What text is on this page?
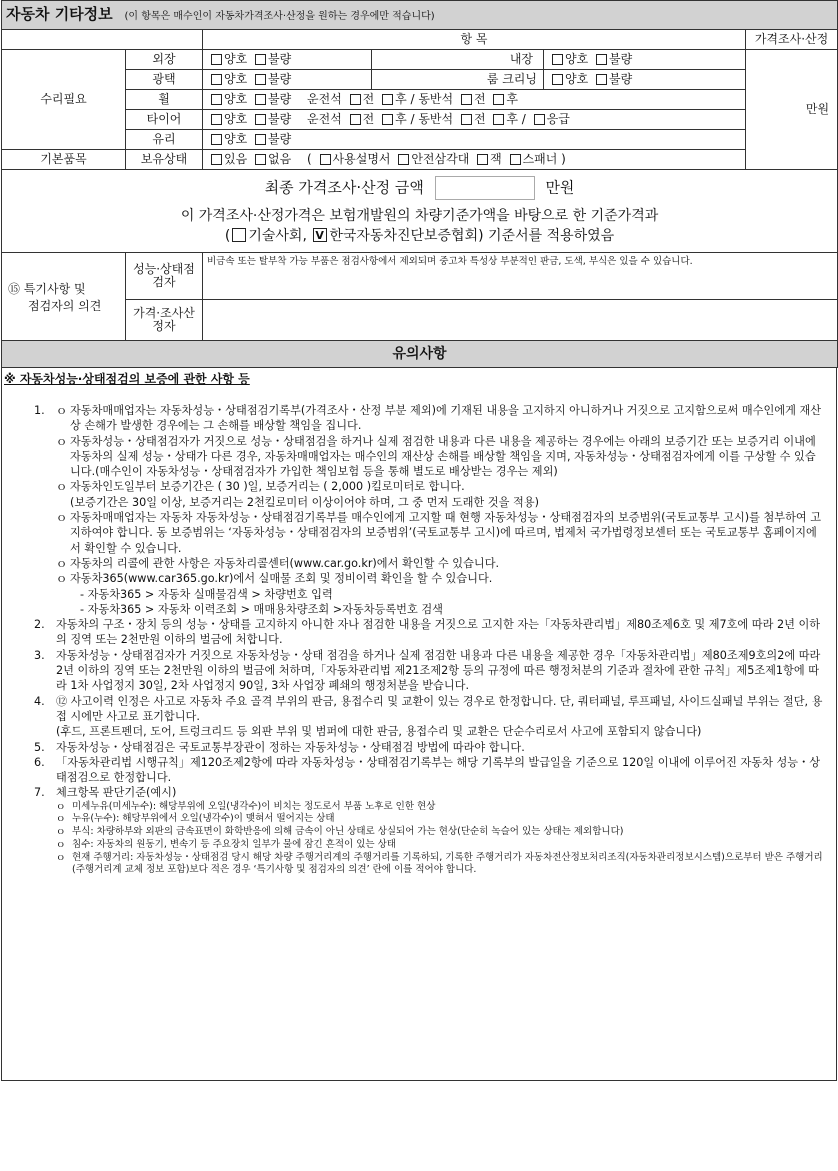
자동차 기타정보 (이 항목은 매수인이 자동차가격조사·산정을 원하는 경우에만 적습니다)					
		항 목			가격조사·산정
수리필요	외장	양호 불량	내장	양호 불량	만원

	광택	양호 불량	룸 크리닝	양호 불량	
	휠	양호 불량 운전석 전 후 / 동반석 전 후			
	타이어	양호 불량 운전석 전 후 / 동반석 전 후 / 응급			
	유리	양호 불량			
기본품목	보유상태	있음 없음 ( 사용설명서 안전삼각대 잭 스패너 )			

최종 가격조사·산정 금액 만원
이 가격조사·산정가격은 보험개발원의 차량기준가액을 바탕으로 한 기준가격과
( 기술사회, V 한국자동차진단보증협회) 기준서를 적용하였음

⑮ 특기사항 및
점검자의 의견	성능·상태점검자	비금속 또는 탈부착 가능 부품은 점검사항에서 제외되며 중고차 특성상 부분적인 판금, 도색, 부식은 있을 수 있습니다.			
	가격·조사산정자				
유의사항					
※ 자동차성능·상태점검의 보증에 관한 사항 등
1. ｏ 자동차매매업자는 자동차성능・상태점검기록부(가격조사・산정 부분 제외)에 기재된 내용을 고지하지 아니하거나 거짓으로 고지함으로써 매수인에게 재산상 손해가 발생한 경우에는 그 손해를 배상할 책임을 집니다.
ｏ 자동차성능・상태점검자가 거짓으로 성능・상태점검을 하거나 실제 점검한 내용과 다른 내용을 제공하는 경우에는 아래의 보증기간 또는 보증거리 이내에 자동차의 실제 성능・상태가 다른 경우, 자동차매매업자는 매수인의 재산상 손해를 배상할 책임을 지며, 자동차성능・상태점검자에게 이를 구상할 수 있습니다.(매수인이 자동차성능・상태점검자가 가입한 책임보험 등을 통해 별도로 배상받는 경우는 제외)
ｏ 자동차인도일부터 보증기간은 ( 30 )일, 보증거리는 ( 2,000 )킬로미터로 합니다.
(보증기간은 30일 이상, 보증거리는 2천킬로미터 이상이어야 하며, 그 중 먼저 도래한 것을 적용)
ｏ 자동차매매업자는 자동차 자동차성능・상태점검기록부를 매수인에게 고지할 때 현행 자동차성능・상태점검자의 보증범위(국토교통부 고시)를 첨부하여 고지하여야 합니다. 동 보증범위는 ‘자동차성능・상태점검자의 보증범위’(국토교통부 고시)에 따르며, 법제처 국가법령정보센터 또는 국토교통부 홈페이지에서 확인할 수 있습니다.
ｏ 자동차의 리콜에 관한 사항은 자동차리콜센터(www.car.go.kr)에서 확인할 수 있습니다.
ｏ 자동차365(www.car365.go.kr)에서 실매물 조회 및 정비이력 확인을 할 수 있습니다.
- 자동차365 > 자동차 실매물검색 > 차량번호 입력
- 자동차365 > 자동차 이력조회 > 매매용차량조회 >자동차등록번호 검색
2. 자동차의 구조・장치 등의 성능・상태를 고지하지 아니한 자나 점검한 내용을 거짓으로 고지한 자는「자동차관리법」제80조제6호 및 제7호에 따라 2년 이하의 징역 또는 2천만원 이하의 벌금에 처합니다.
3. 자동차성능・상태점검자가 거짓으로 자동차성능・상태 점검을 하거나 실제 점검한 내용과 다른 내용을 제공한 경우「자동차관리법」제80조제9호의2에 따라 2년 이하의 징역 또는 2천만원 이하의 벌금에 처하며,「자동차관리법 제21조제2항 등의 규정에 따른 행정처분의 기준과 절차에 관한 규칙」제5조제1항에 따라 1차 사업정지 30일, 2차 사업정지 90일, 3차 사업장 폐쇄의 행정처분을 받습니다.
4. ⑫ 사고이력 인정은 사고로 자동차 주요 골격 부위의 판금, 용접수리 및 교환이 있는 경우로 한정합니다. 단, 쿼터패널, 루프패널, 사이드실패널 부위는 절단, 용접 시에만 사고로 표기합니다.
(후드, 프론트펜더, 도어, 트렁크리드 등 외판 부위 및 범퍼에 대한 판금, 용접수리 및 교환은 단순수리로서 사고에 포함되지 않습니다)
5. 자동차성능・상태점검은 국토교통부장관이 정하는 자동차성능・상태점검 방법에 따라야 합니다.
6. 「자동차관리법 시행규칙」제120조제2항에 따라 자동차성능・상태점검기록부는 해당 기록부의 발급일을 기준으로 120일 이내에 이루어진 자동차 성능・상태점검으로 한정합니다.
7. 체크항목 판단기준(예시)
ｏ 미세누유(미세누수): 해당부위에 오일(냉각수)이 비치는 정도로서 부품 노후로 인한 현상
ｏ 누유(누수): 해당부위에서 오일(냉각수)이 맺혀서 떨어지는 상태
ｏ 부식: 차량하부와 외판의 금속표면이 화학반응에 의해 금속이 아닌 상태로 상실되어 가는 현상(단순히 녹슬어 있는 상태는 제외합니다)
ｏ 침수: 자동차의 원동기, 변속기 등 주요장치 일부가 물에 잠긴 흔적이 있는 상태
ｏ 현재 주행거리: 자동차성능・상태점검 당시 해당 차량 주행거리계의 주행거리를 기록하되, 기록한 주행거리가 자동차전산정보처리조직(자동차관리정보시스템)으로부터 받은 주행거리(주행거리계 교체 정보 포함)보다 적은 경우 ‘특기사항 및 점검자의 의견’ 란에 이를 적어야 합니다.
